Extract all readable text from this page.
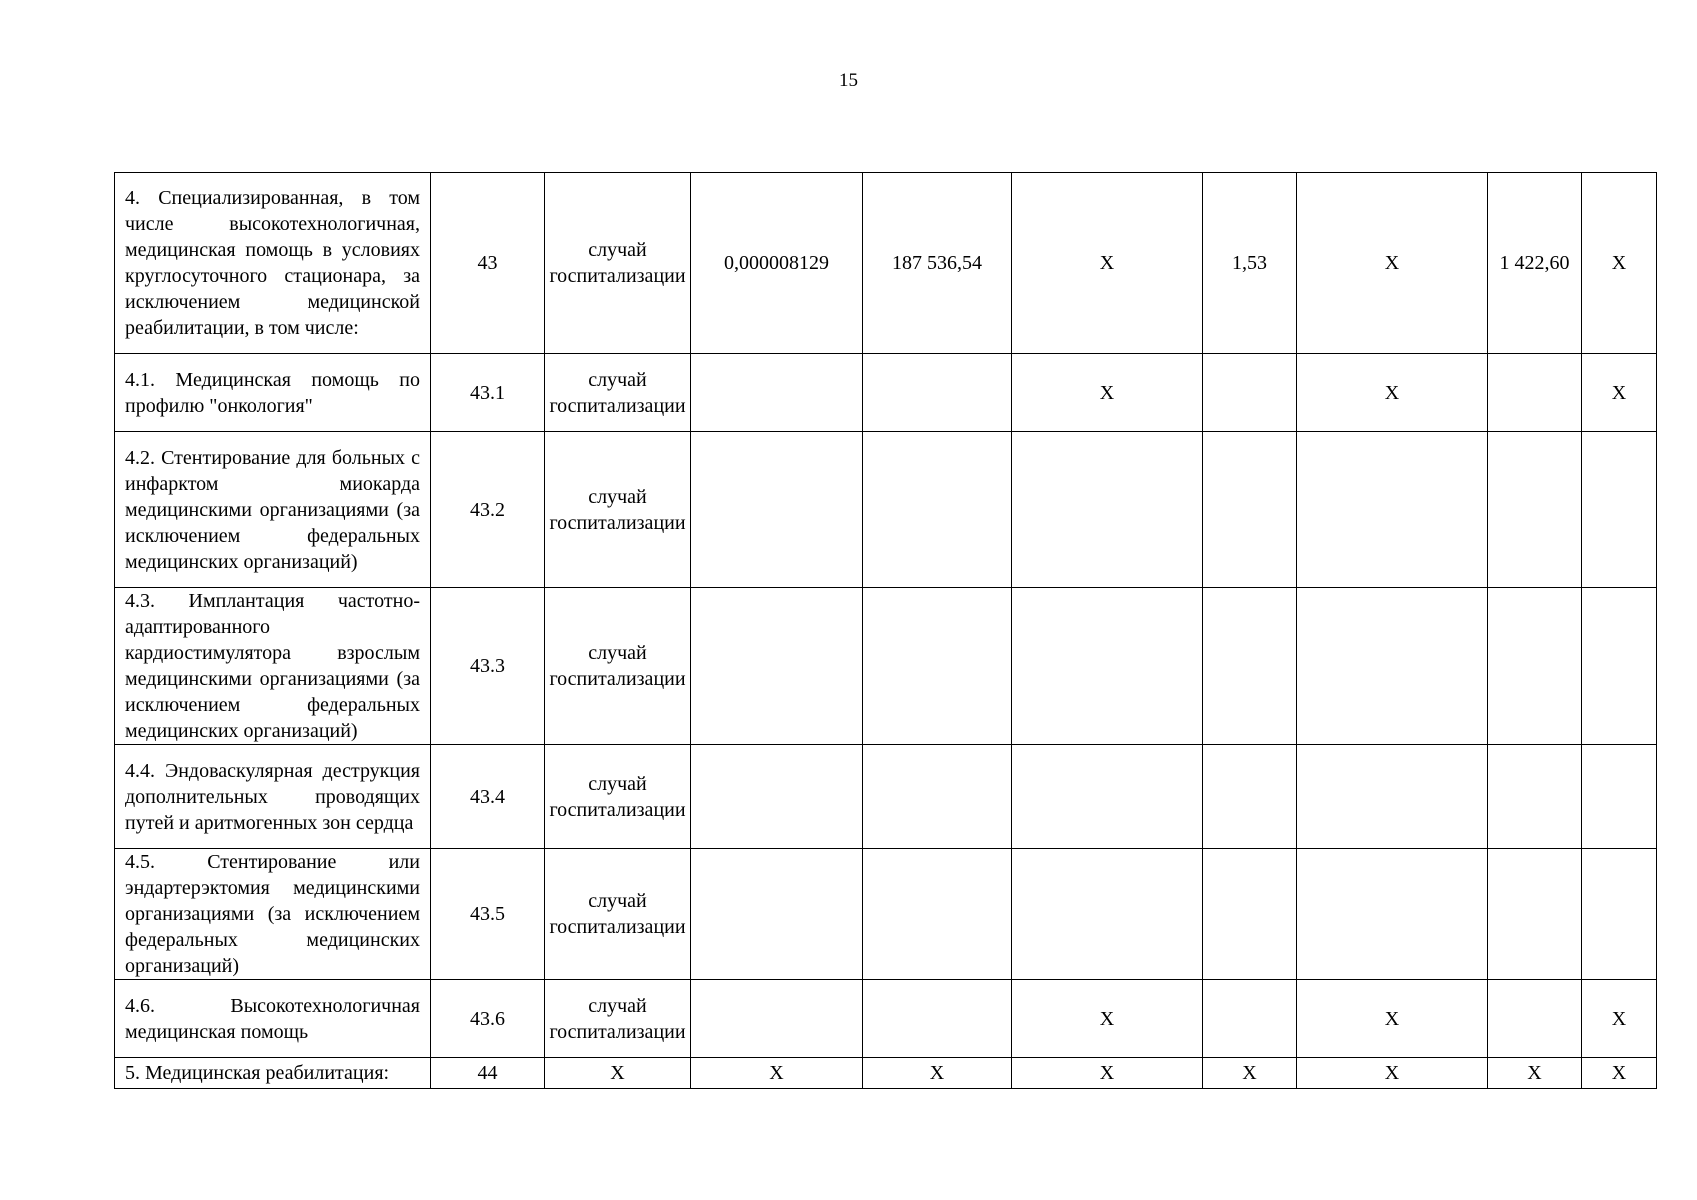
15
4. Специализированная, в том числе высокотехнологичная, медицинская помощь в условиях круглосуточного стационара, за исключением медицинской реабилитации, в том числе:	43	случай госпитализации	0,000008129	187 536,54	Х	1,53	Х	1 422,60	Х
4.1. Медицинская помощь по профилю "онкология"	43.1	случай госпитализации			Х		Х		Х
4.2. Стентирование для больных с инфарктом миокарда медицинскими организациями (за исключением федеральных медицинских организаций)	43.2	случай госпитализации							
4.3. Имплантация частотно-адаптированного кардиостимулятора взрослым медицинскими организациями (за исключением федеральных медицинских организаций)	43.3	случай госпитализации							
4.4. Эндоваскулярная деструкция дополнительных проводящих путей и аритмогенных зон сердца	43.4	случай госпитализации							
4.5. Стентирование или эндартерэктомия медицинскими организациями (за исключением федеральных медицинских организаций)	43.5	случай госпитализации							
4.6. Высокотехнологичная медицинская помощь	43.6	случай госпитализации			Х		Х		Х
5. Медицинская реабилитация:	44	Х	Х	Х	Х	Х	Х	Х	Х
